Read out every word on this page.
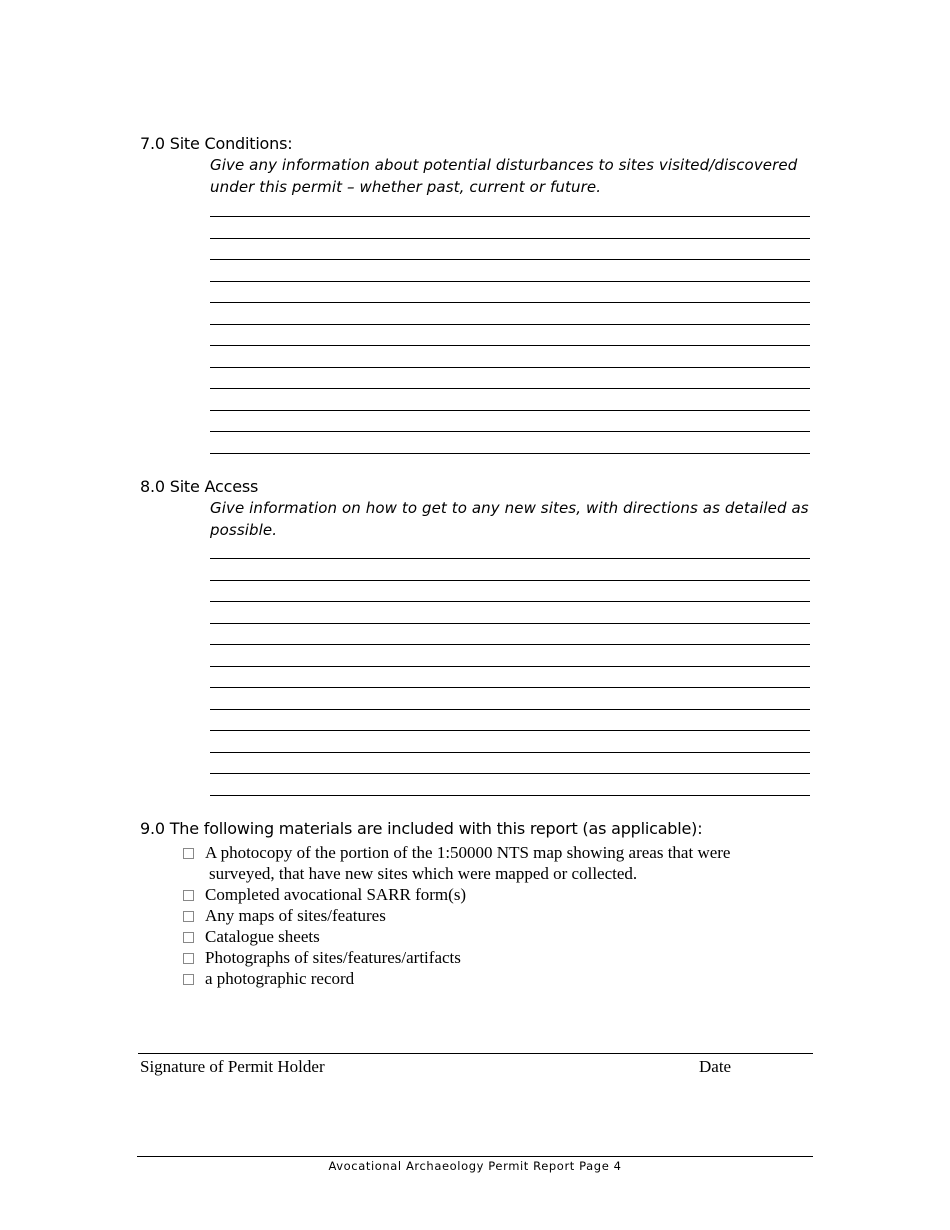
7.0 Site Conditions:
Give any information about potential disturbances to sites visited/discovered under this permit – whether past, current or future.
8.0 Site Access
Give information on how to get to any new sites, with directions as detailed as possible.
9.0 The following materials are included with this report (as applicable):
A photocopy of the portion of the 1:50000 NTS map showing areas that were
surveyed, that have new sites which were mapped or collected.
Completed avocational SARR form(s)
Any maps of sites/features
Catalogue sheets
Photographs of sites/features/artifacts
a photographic record
Signature of Permit Holder	Date
Avocational Archaeology Permit Report Page 4
